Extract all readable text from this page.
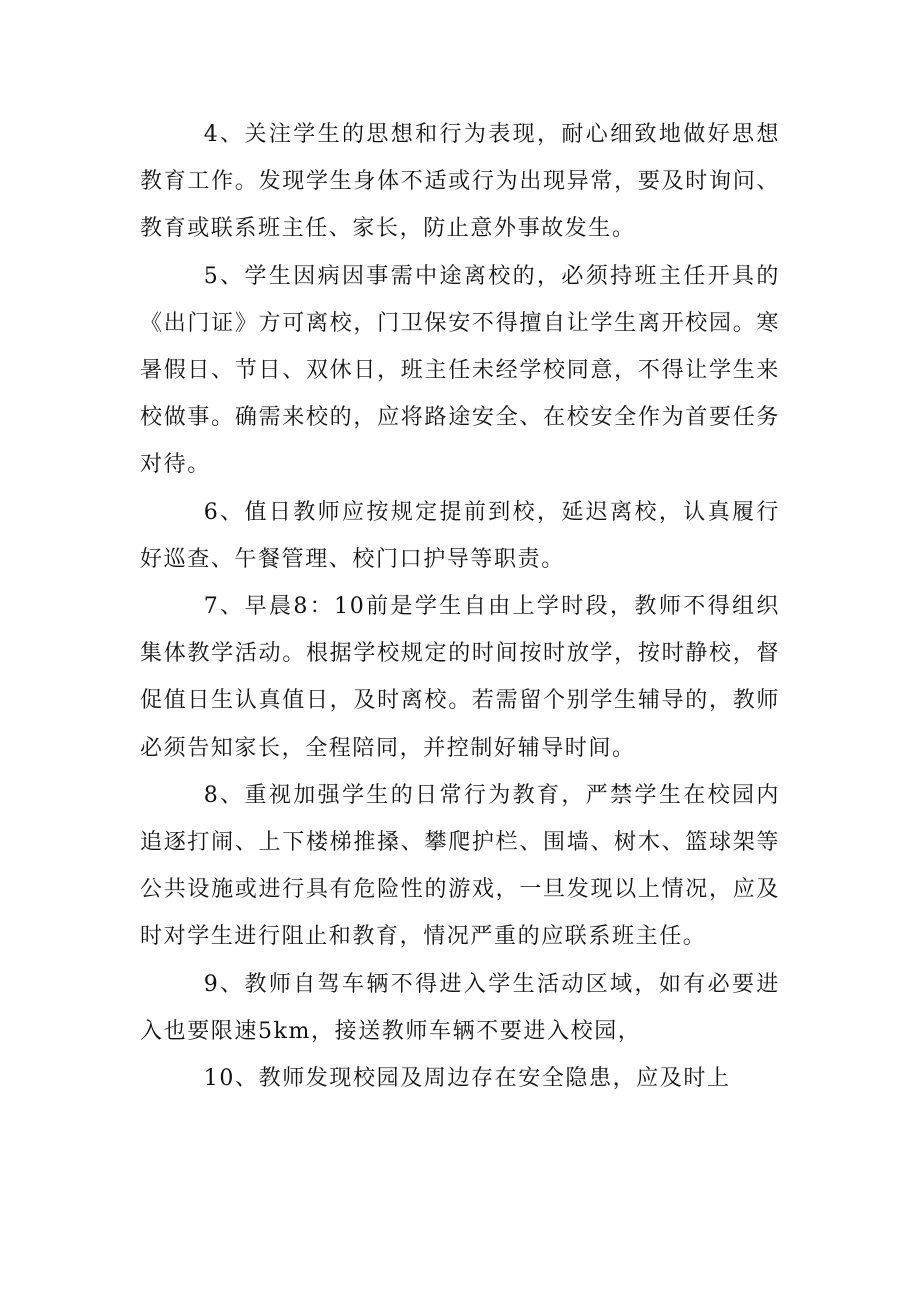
4、关注学生的思想和行为表现，耐心细致地做好思想教育工作。发现学生身体不适或行为出现异常，要及时询问、教育或联系班主任、家长，防止意外事故发生。

5、学生因病因事需中途离校的，必须持班主任开具的《出门证》方可离校，门卫保安不得擅自让学生离开校园。寒暑假日、节日、双休日，班主任未经学校同意，不得让学生来校做事。确需来校的，应将路途安全、在校安全作为首要任务对待。

6、值日教师应按规定提前到校，延迟离校，认真履行好巡查、午餐管理、校门口护导等职责。

7、早晨8：10前是学生自由上学时段，教师不得组织集体教学活动。根据学校规定的时间按时放学，按时静校，督促值日生认真值日，及时离校。若需留个别学生辅导的，教师必须告知家长，全程陪同，并控制好辅导时间。

8、重视加强学生的日常行为教育，严禁学生在校园内追逐打闹、上下楼梯推搡、攀爬护栏、围墙、树木、篮球架等公共设施或进行具有危险性的游戏，一旦发现以上情况，应及时对学生进行阻止和教育，情况严重的应联系班主任。

9、教师自驾车辆不得进入学生活动区域，如有必要进入也要限速5km，接送教师车辆不要进入校园，

10、教师发现校园及周边存在安全隐患，应及时上
